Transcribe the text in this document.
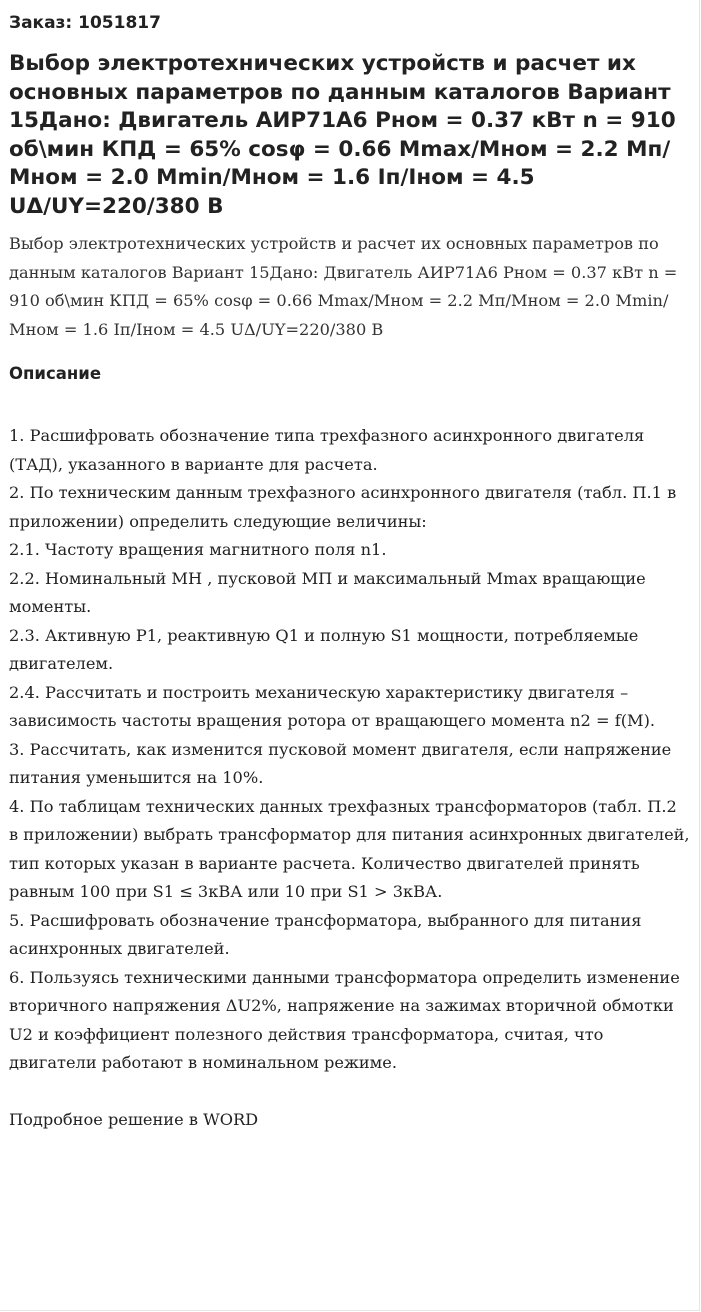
Заказ: 1051817
Выбор электротехнических устройств и расчет их основных параметров по данным каталогов Вариант 15Дано: Двигатель АИР71А6 Рном = 0.37 кВт n = 910 об\мин КПД = 65% cosφ = 0.66 Mmax/Мном = 2.2 Мп/Мном = 2.0 Mmin/Мном = 1.6 Iп/Iном = 4.5 UΔ/UY=220/380 В

Выбор электротехнических устройств и расчет их основных параметров по данным каталогов Вариант 15Дано: Двигатель АИР71А6 Рном = 0.37 кВт n = 910 об\мин КПД = 65% cosφ = 0.66 Mmax/Мном = 2.2 Мп/Мном = 2.0 Mmin/Мном = 1.6 Iп/Iном = 4.5 UΔ/UY=220/380 В

Описание
1. Расшифровать обозначение типа трехфазного асинхронного двигателя (ТАД), указанного в варианте для расчета.
2. По техническим данным трехфазного асинхронного двигателя (табл. П.1 в приложении) определить следующие величины:
2.1. Частоту вращения магнитного поля n1.
2.2. Номинальный МН , пусковой МП и максимальный Mmax вращающие моменты.
2.3. Активную P1, реактивную Q1 и полную S1 мощности, потребляемые
двигателем.
2.4. Рассчитать и построить механическую характеристику двигателя – зависимость частоты вращения ротора от вращающего момента n2 = f(M).
3. Рассчитать, как изменится пусковой момент двигателя, если напряжение питания уменьшится на 10%.
4. По таблицам технических данных трехфазных трансформаторов (табл. П.2 в приложении) выбрать трансформатор для питания асинхронных двигателей, тип которых указан в варианте расчета. Количество двигателей принять равным 100 при S1 ≤ 3кВА или 10 при S1 > 3кВА.
5. Расшифровать обозначение трансформатора, выбранного для питания асинхронных двигателей.
6. Пользуясь техническими данными трансформатора определить изменение вторичного напряжения ΔU2%, напряжение на зажимах вторичной обмотки U2 и коэффициент полезного действия трансформатора, считая, что двигатели работают в номинальном режиме.

Подробное решение в WORD
